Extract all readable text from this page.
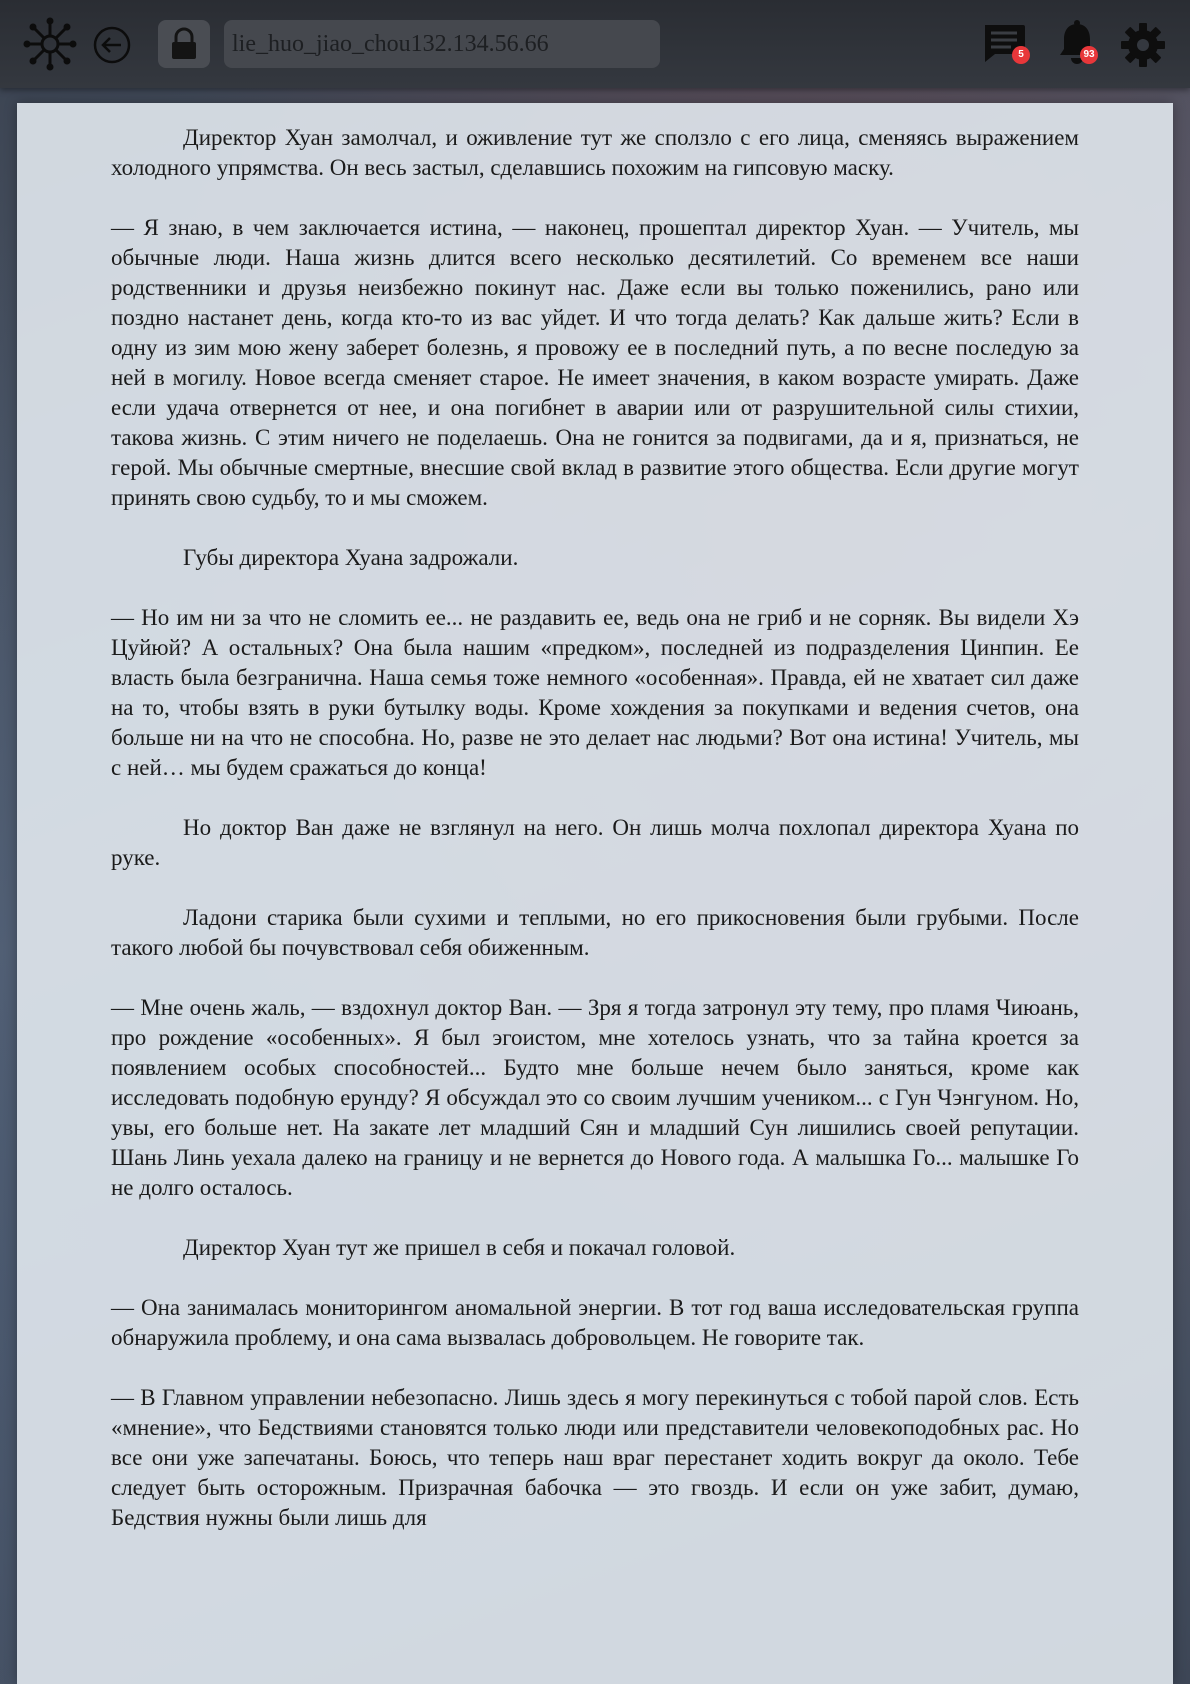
lie_huo_jiao_chou132.134.56.66	5	93

Директор Хуан замолчал, и оживление тут же сползло с его лица, сменяясь выражением холодного упрямства. Он весь застыл, сделавшись похожим на гипсовую маску.

— Я знаю, в чем заключается истина, — наконец, прошептал директор Хуан. — Учитель, мы обычные люди. Наша жизнь длится всего несколько десятилетий. Со временем все наши родственники и друзья неизбежно покинут нас. Даже если вы только поженились, рано или поздно настанет день, когда кто-то из вас уйдет. И что тогда делать? Как дальше жить? Если в одну из зим мою жену заберет болезнь, я провожу ее в последний путь, а по весне последую за ней в могилу. Новое всегда сменяет старое. Не имеет значения, в каком возрасте умирать. Даже если удача отвернется от нее, и она погибнет в аварии или от разрушительной силы стихии, такова жизнь. С этим ничего не поделаешь. Она не гонится за подвигами, да и я, признаться, не герой. Мы обычные смертные, внесшие свой вклад в развитие этого общества. Если другие могут принять свою судьбу, то и мы сможем.

Губы директора Хуана задрожали.

— Но им ни за что не сломить ее... не раздавить ее, ведь она не гриб и не сорняк. Вы видели Хэ Цуйюй? А остальных? Она была нашим «предком», последней из подразделения Цинпин. Ее власть была безгранична. Наша семья тоже немного «особенная». Правда, ей не хватает сил даже на то, чтобы взять в руки бутылку воды. Кроме хождения за покупками и ведения счетов, она больше ни на что не способна. Но, разве не это делает нас людьми? Вот она истина! Учитель, мы с ней… мы будем сражаться до конца!

Но доктор Ван даже не взглянул на него. Он лишь молча похлопал директора Хуана по руке.

Ладони старика были сухими и теплыми, но его прикосновения были грубыми. После такого любой бы почувствовал себя обиженным.

— Мне очень жаль, — вздохнул доктор Ван. — Зря я тогда затронул эту тему, про пламя Чиюань, про рождение «особенных». Я был эгоистом, мне хотелось узнать, что за тайна кроется за появлением особых способностей... Будто мне больше нечем было заняться, кроме как исследовать подобную ерунду? Я обсуждал это со своим лучшим учеником... с Гун Чэнгуном. Но, увы, его больше нет. На закате лет младший Сян и младший Сун лишились своей репутации. Шань Линь уехала далеко на границу и не вернется до Нового года. А малышка Го... малышке Го не долго осталось.

Директор Хуан тут же пришел в себя и покачал головой.

— Она занималась мониторингом аномальной энергии. В тот год ваша исследовательская группа обнаружила проблему, и она сама вызвалась добровольцем. Не говорите так.

— В Главном управлении небезопасно. Лишь здесь я могу перекинуться с тобой парой слов. Есть «мнение», что Бедствиями становятся только люди или представители человекоподобных рас. Но все они уже запечатаны. Боюсь, что теперь наш враг перестанет ходить вокруг да около. Тебе следует быть осторожным. Призрачная бабочка — это гвоздь. И если он уже забит, думаю, Бедствия нужны были лишь для
